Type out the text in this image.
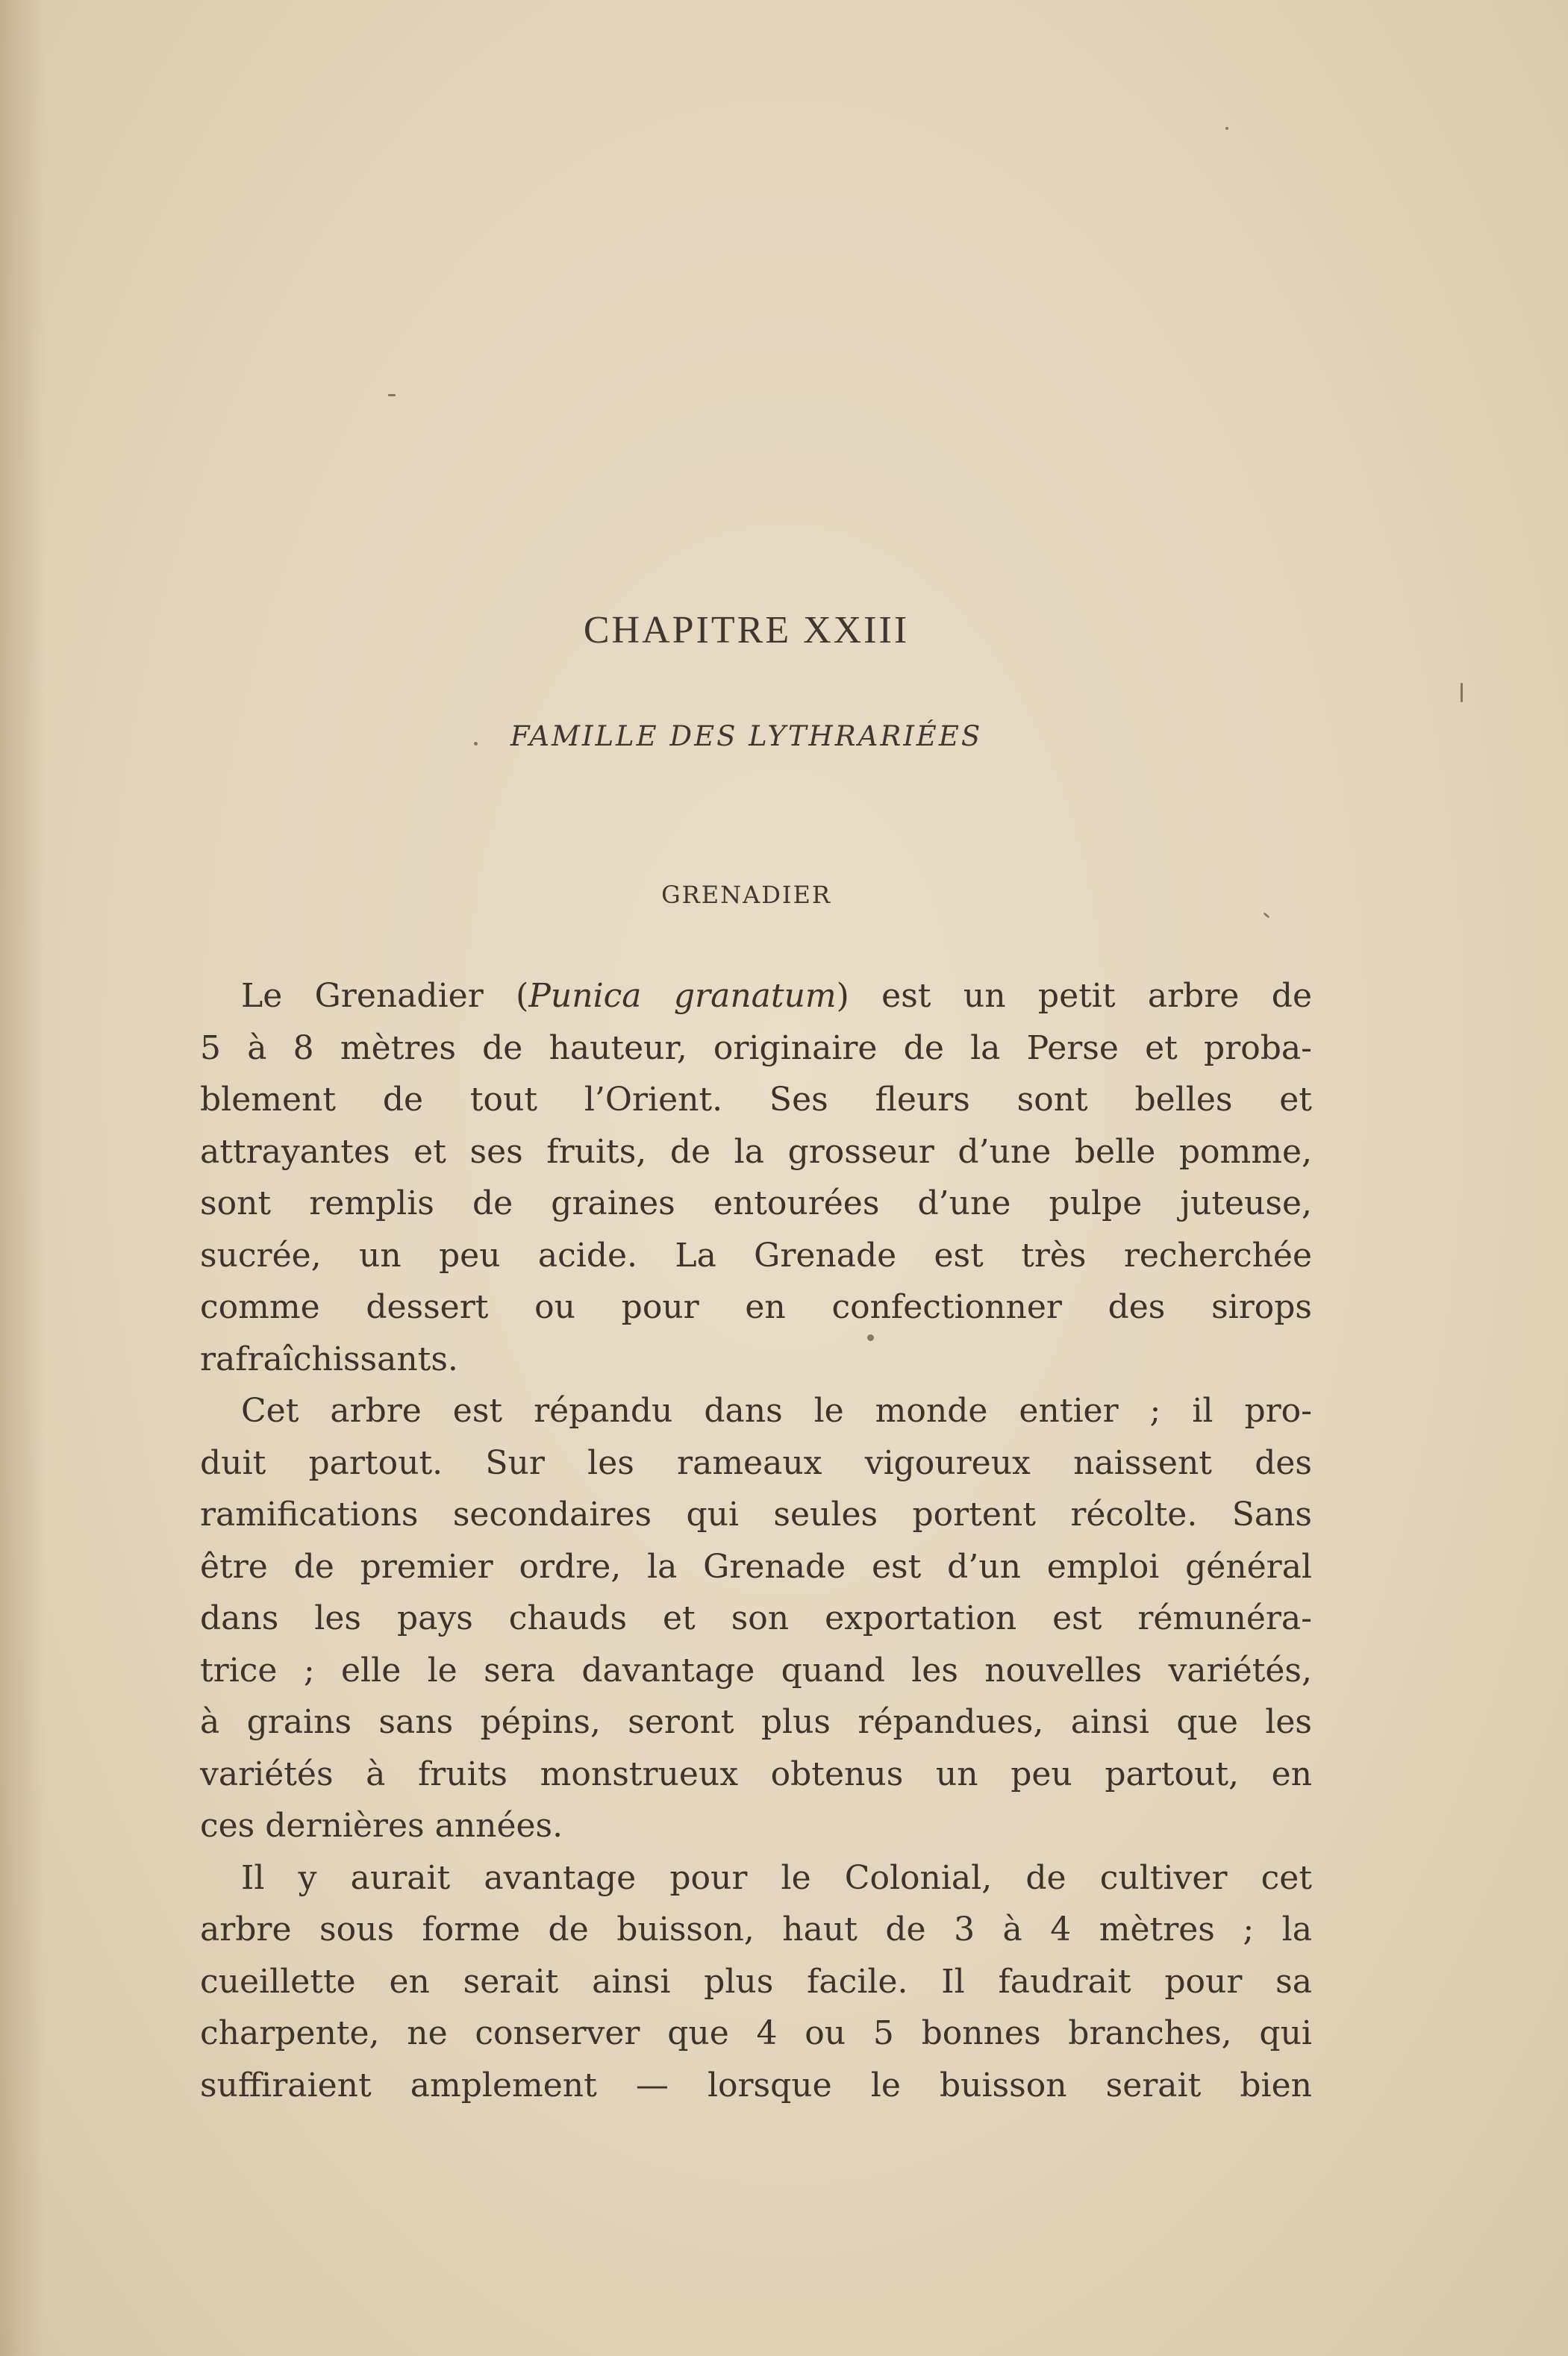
CHAPITRE XXIII
FAMILLE DES LYTHRARIÉES
GRENADIER
Le Grenadier (Punica granatum) est un petit arbre de
5 à 8 mètres de hauteur, originaire de la Perse et proba-
blement de tout l’Orient. Ses fleurs sont belles et
attrayantes et ses fruits, de la grosseur d’une belle pomme,
sont remplis de graines entourées d’une pulpe juteuse,
sucrée, un peu acide. La Grenade est très recherchée
comme dessert ou pour en confectionner des sirops
rafraîchissants.
Cet arbre est répandu dans le monde entier ; il pro-
duit partout. Sur les rameaux vigoureux naissent des
ramifications secondaires qui seules portent récolte. Sans
être de premier ordre, la Grenade est d’un emploi général
dans les pays chauds et son exportation est rémunéra-
trice ; elle le sera davantage quand les nouvelles variétés,
à grains sans pépins, seront plus répandues, ainsi que les
variétés à fruits monstrueux obtenus un peu partout, en
ces dernières années.
Il y aurait avantage pour le Colonial, de cultiver cet
arbre sous forme de buisson, haut de 3 à 4 mètres ; la
cueillette en serait ainsi plus facile. Il faudrait pour sa
charpente, ne conserver que 4 ou 5 bonnes branches, qui
suffiraient amplement — lorsque le buisson serait bien
